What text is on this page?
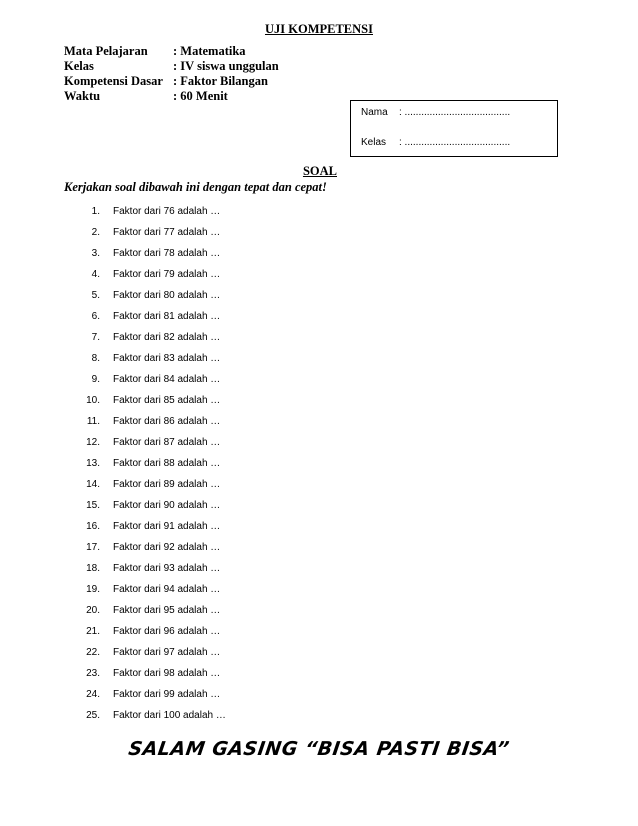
UJI KOMPETENSI
Mata Pelajaran : Matematika
Kelas	: IV siswa unggulan
Kompetensi Dasar : Faktor Bilangan
Waktu	: 60 Menit
Nama : ......................................
Kelas : ......................................
SOAL
Kerjakan soal dibawah ini dengan tepat dan cepat!
1. Faktor dari 76 adalah …
2. Faktor dari 77 adalah …
3. Faktor dari 78 adalah …
4. Faktor dari 79 adalah …
5. Faktor dari 80 adalah …
6. Faktor dari 81 adalah …
7. Faktor dari 82 adalah …
8. Faktor dari 83 adalah …
9. Faktor dari 84 adalah …
10. Faktor dari 85 adalah …
11. Faktor dari 86 adalah …
12. Faktor dari 87 adalah …
13. Faktor dari 88 adalah …
14. Faktor dari 89 adalah …
15. Faktor dari 90 adalah …
16. Faktor dari 91 adalah …
17. Faktor dari 92 adalah …
18. Faktor dari 93 adalah …
19. Faktor dari 94 adalah …
20. Faktor dari 95 adalah …
21. Faktor dari 96 adalah …
22. Faktor dari 97 adalah …
23. Faktor dari 98 adalah …
24. Faktor dari 99 adalah …
25. Faktor dari 100 adalah …
SALAM GASING “BISA PASTI BISA”
